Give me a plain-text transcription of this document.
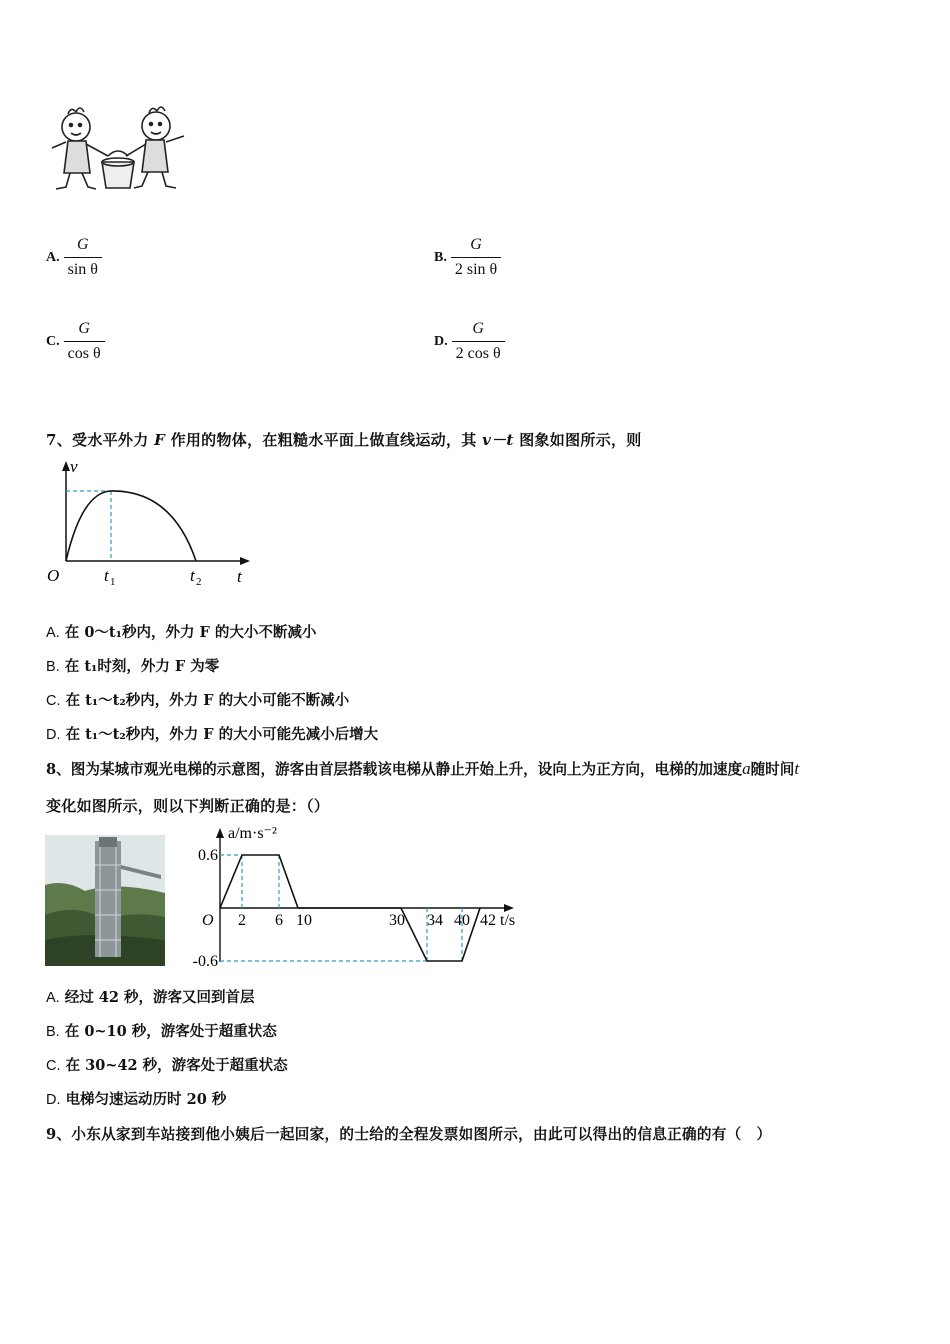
A. $\frac{G}{\text{sin θ}}$	B. $\frac{G}{\text{2 sin θ}}$
C. $\frac{G}{\text{cos θ}}$	D. $\frac{G}{\text{2 cos θ}}$
7、受水平外力 F 作用的物体，在粗糙水平面上做直线运动，其 v－t 图象如图所示，则
v
t
O	t 1	t 2
A. 在 0～t₁秒内，外力 F 的大小不断减小
B. 在 t₁时刻，外力 F 为零
C. 在 t₁～t₂秒内，外力 F 的大小可能不断减小
D. 在 t₁～t₂秒内，外力 F 的大小可能先减小后增大
8、图为某城市观光电梯的示意图，游客由首层搭载该电梯从静止开始上升，设向上为正方向，电梯的加速度a随时间t
变化如图所示，则以下判断正确的是：（）
a/m·s⁻²
t/s
O 2 6 10	30 34 40 42
0.6
-0.6
A. 经过 42 秒，游客又回到首层
B. 在 0~10 秒，游客处于超重状态
C. 在 30~42 秒，游客处于超重状态
D. 电梯匀速运动历时 20 秒
9、小东从家到车站接到他小姨后一起回家，的士给的全程发票如图所示，由此可以得出的信息正确的有（　）
